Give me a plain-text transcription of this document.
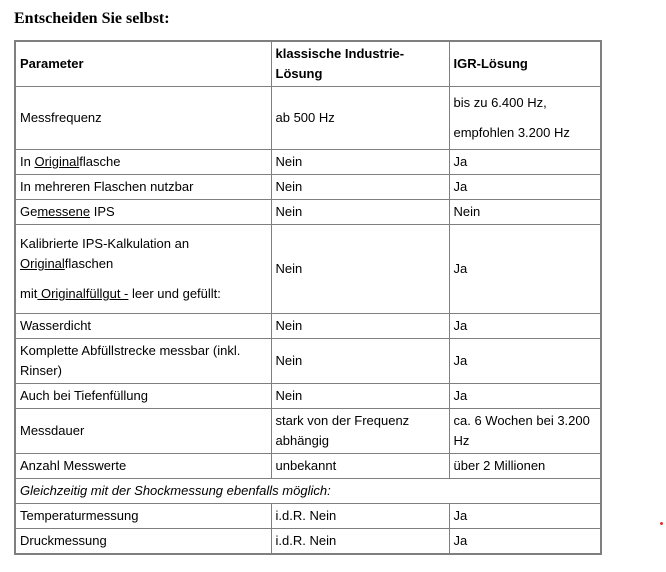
Entscheiden Sie selbst:
Parameter	klassische Industrie-Lösung	IGR-Lösung
Messfrequenz	ab 500 Hz	bis zu 6.400 Hz,
empfohlen 3.200 Hz

In Originalflasche	Nein	Ja
In mehreren Flaschen nutzbar	Nein	Ja
Gemessene IPS	Nein	Nein
Kalibrierte IPS-Kalkulation an
Originalflaschen
mit Originalfüllgut - leer und gefüllt:	Nein	Ja
Wasserdicht	Nein	Ja
Komplette Abfüllstrecke messbar (inkl. Rinser)	Nein	Ja
Auch bei Tiefenfüllung	Nein	Ja
Messdauer	stark von der Frequenz abhängig	ca. 6 Wochen bei 3.200 Hz
Anzahl Messwerte	unbekannt	über 2 Millionen
Gleichzeitig mit der Shockmessung ebenfalls möglich:		
Temperaturmessung	i.d.R. Nein	Ja
Druckmessung	i.d.R. Nein	Ja
